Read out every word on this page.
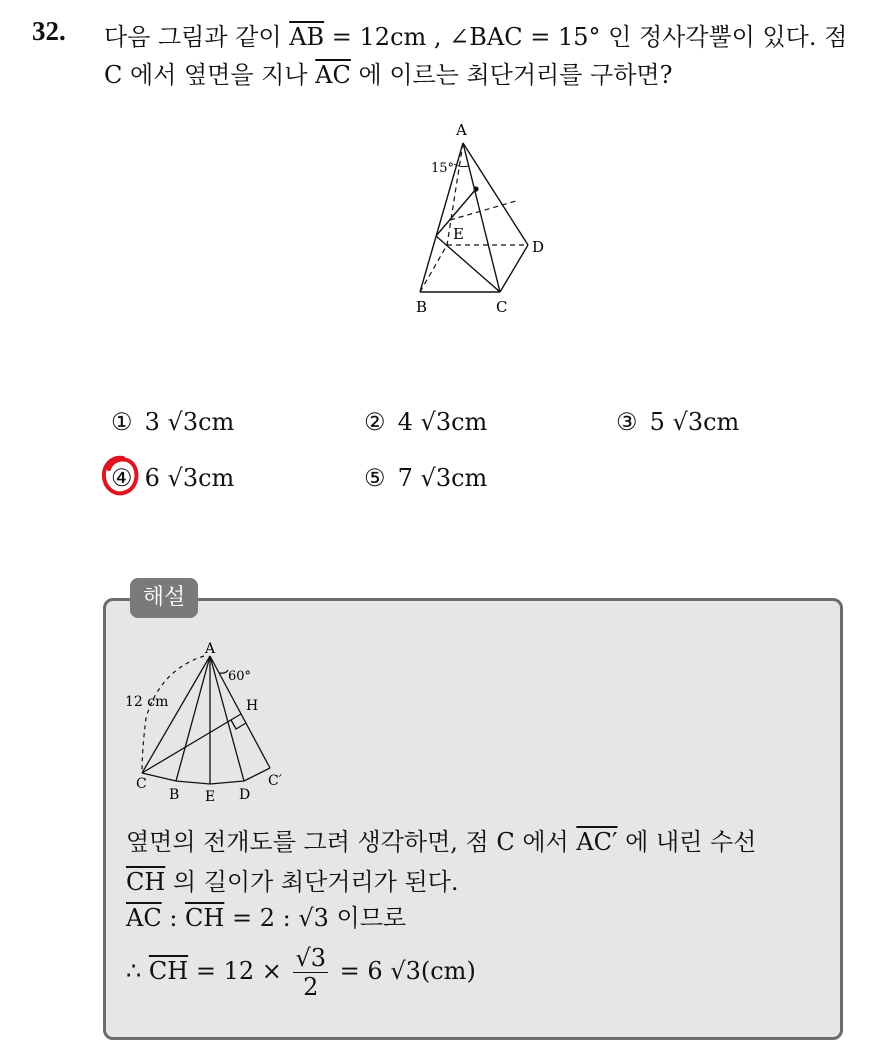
32. 다음 그림과 같이 $\overline{AB} = 12cm$ , ∠BAC = 15° 인 정사각뿔이 있다. 점
C 에서 옆면을 지나 $\overline{AC}$ 에 이르는 최단거리를 구하면?
A
B	C
D
E
15°
① 3 √3cm	② 4 √3cm	③ 5 √3cm
④ 6 √3cm	⑤ 7 √3cm
해설
A
60°
12 cm	H
C
B E D
C′
옆면의 전개도를 그려 생각하면, 점 C 에서 AC′ 에 내린 수선
$\overline{CH}$ 의 길이가 최단거리가 된다.
$\overline{AC}$ : $\overline{CH} = 2$ : √3 이므로
∴ $\overline{CH} = 12 \times \frac{√3}{2} = 6$ √3(cm)
